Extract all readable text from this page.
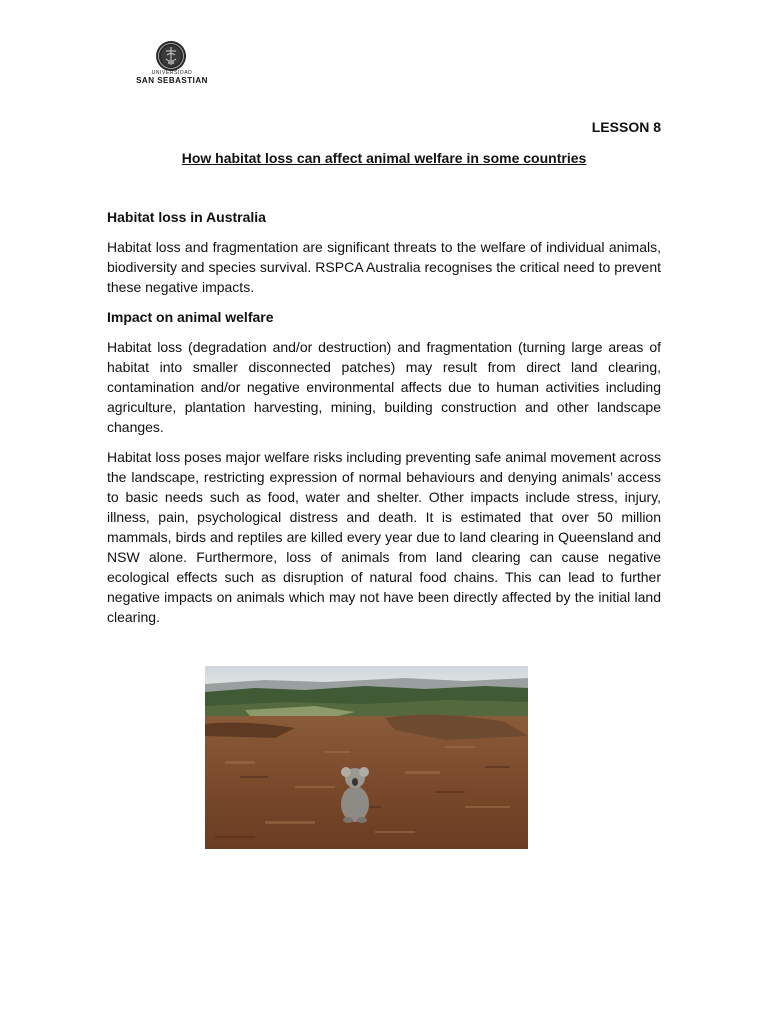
UNIVERSIDAD
SAN SEBASTIAN
LESSON 8
How habitat loss can affect animal welfare in some countries
Habitat loss in Australia
Habitat loss and fragmentation are significant threats to the welfare of individual animals, biodiversity and species survival. RSPCA Australia recognises the critical need to prevent these negative impacts.
Impact on animal welfare
Habitat loss (degradation and/or destruction) and fragmentation (turning large areas of habitat into smaller disconnected patches) may result from direct land clearing, contamination and/or negative environmental affects due to human activities including agriculture, plantation harvesting, mining, building construction and other landscape changes.
Habitat loss poses major welfare risks including preventing safe animal movement across the landscape, restricting expression of normal behaviours and denying animals’ access to basic needs such as food, water and shelter. Other impacts include stress, injury, illness, pain, psychological distress and death. It is estimated that over 50 million mammals, birds and reptiles are killed every year due to land clearing in Queensland and NSW alone. Furthermore, loss of animals from land clearing can cause negative ecological effects such as disruption of natural food chains. This can lead to further negative impacts on animals which may not have been directly affected by the initial land clearing.
